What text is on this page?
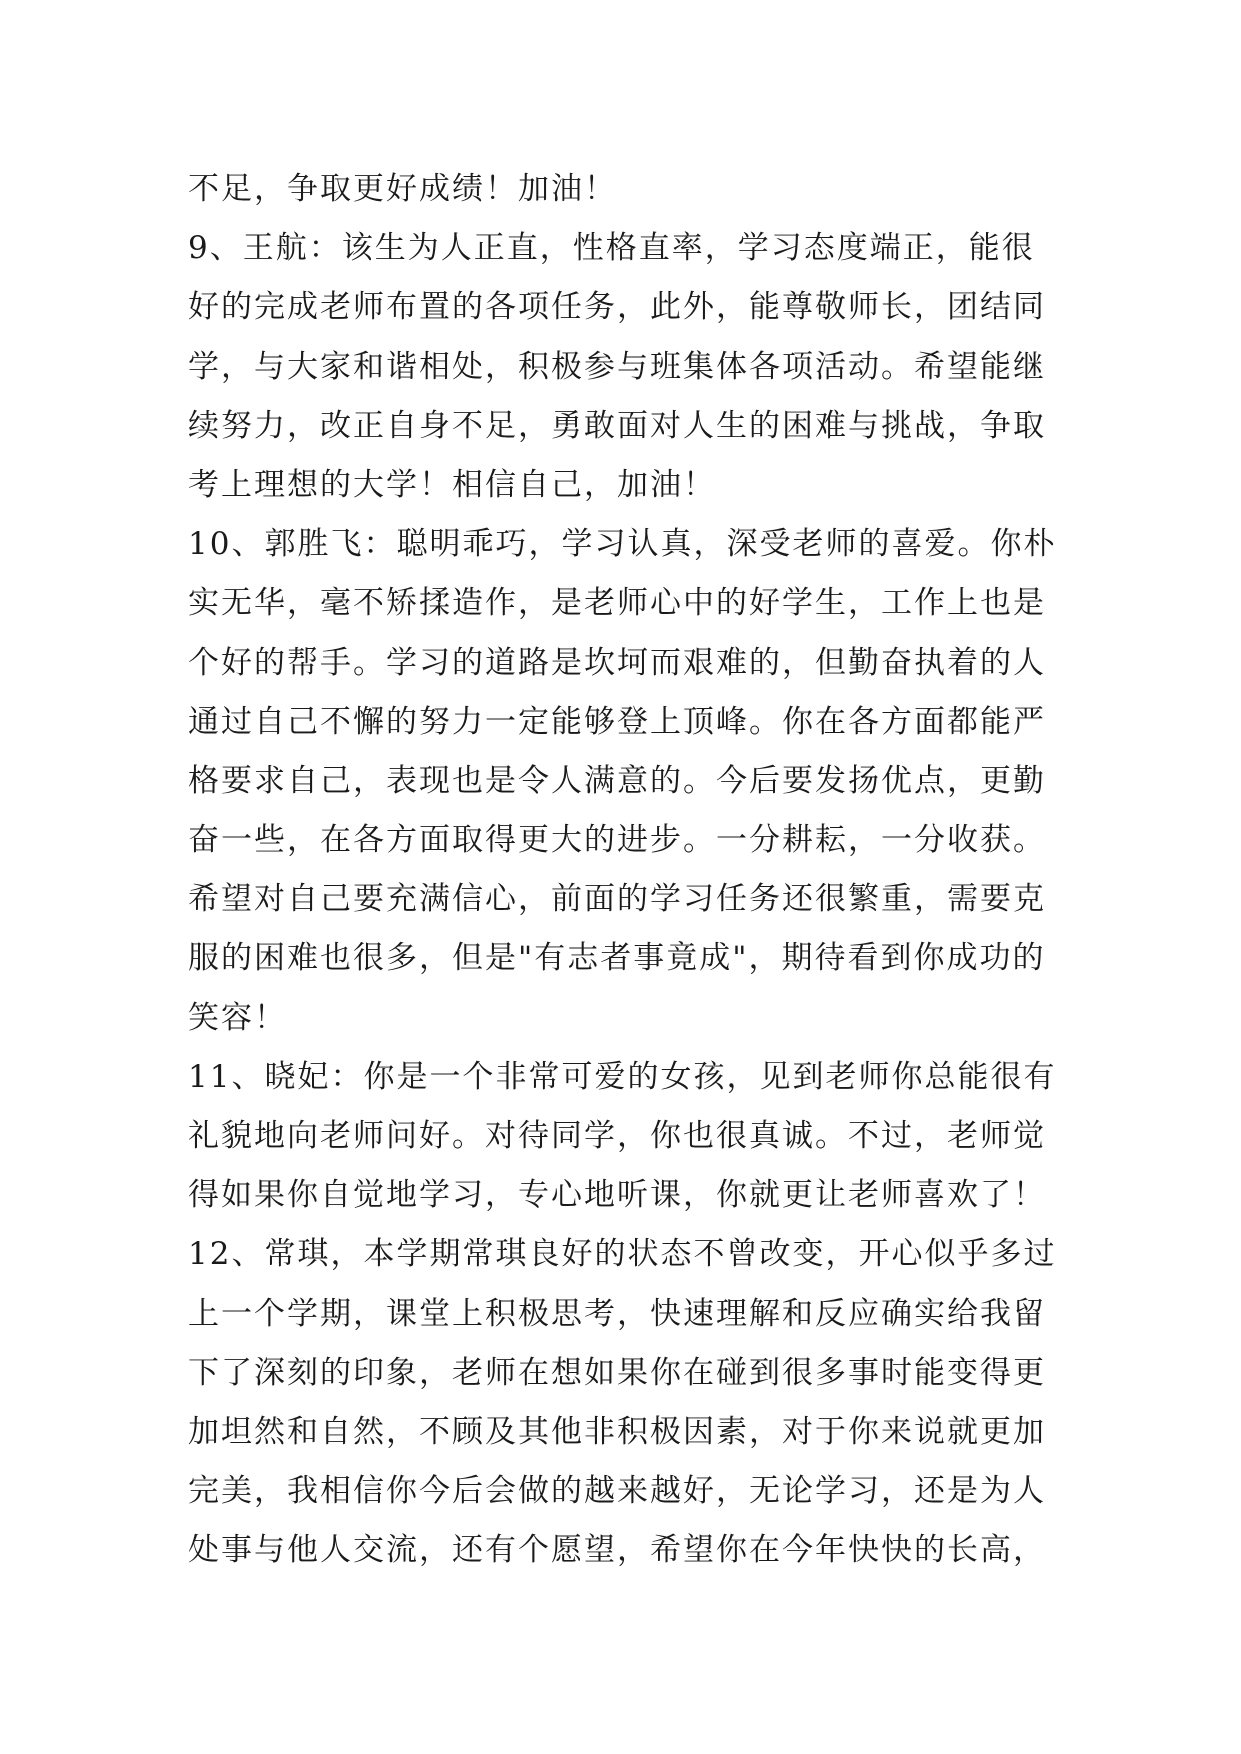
不足，争取更好成绩！加油！
9、王航：该生为人正直，性格直率，学习态度端正，能很
好的完成老师布置的各项任务，此外，能尊敬师长，团结同
学，与大家和谐相处，积极参与班集体各项活动。希望能继
续努力，改正自身不足，勇敢面对人生的困难与挑战，争取
考上理想的大学！相信自己，加油！
10、郭胜飞：聪明乖巧，学习认真，深受老师的喜爱。你朴
实无华，毫不矫揉造作，是老师心中的好学生，工作上也是
个好的帮手。学习的道路是坎坷而艰难的，但勤奋执着的人
通过自己不懈的努力一定能够登上顶峰。你在各方面都能严
格要求自己，表现也是令人满意的。今后要发扬优点，更勤
奋一些，在各方面取得更大的进步。一分耕耘，一分收获。
希望对自己要充满信心，前面的学习任务还很繁重，需要克
服的困难也很多，但是"有志者事竟成"，期待看到你成功的
笑容！
11、晓妃：你是一个非常可爱的女孩，见到老师你总能很有
礼貌地向老师问好。对待同学，你也很真诚。不过，老师觉
得如果你自觉地学习，专心地听课，你就更让老师喜欢了！
12、常琪，本学期常琪良好的状态不曾改变，开心似乎多过
上一个学期，课堂上积极思考，快速理解和反应确实给我留
下了深刻的印象，老师在想如果你在碰到很多事时能变得更
加坦然和自然，不顾及其他非积极因素，对于你来说就更加
完美，我相信你今后会做的越来越好，无论学习，还是为人
处事与他人交流，还有个愿望，希望你在今年快快的长高，
